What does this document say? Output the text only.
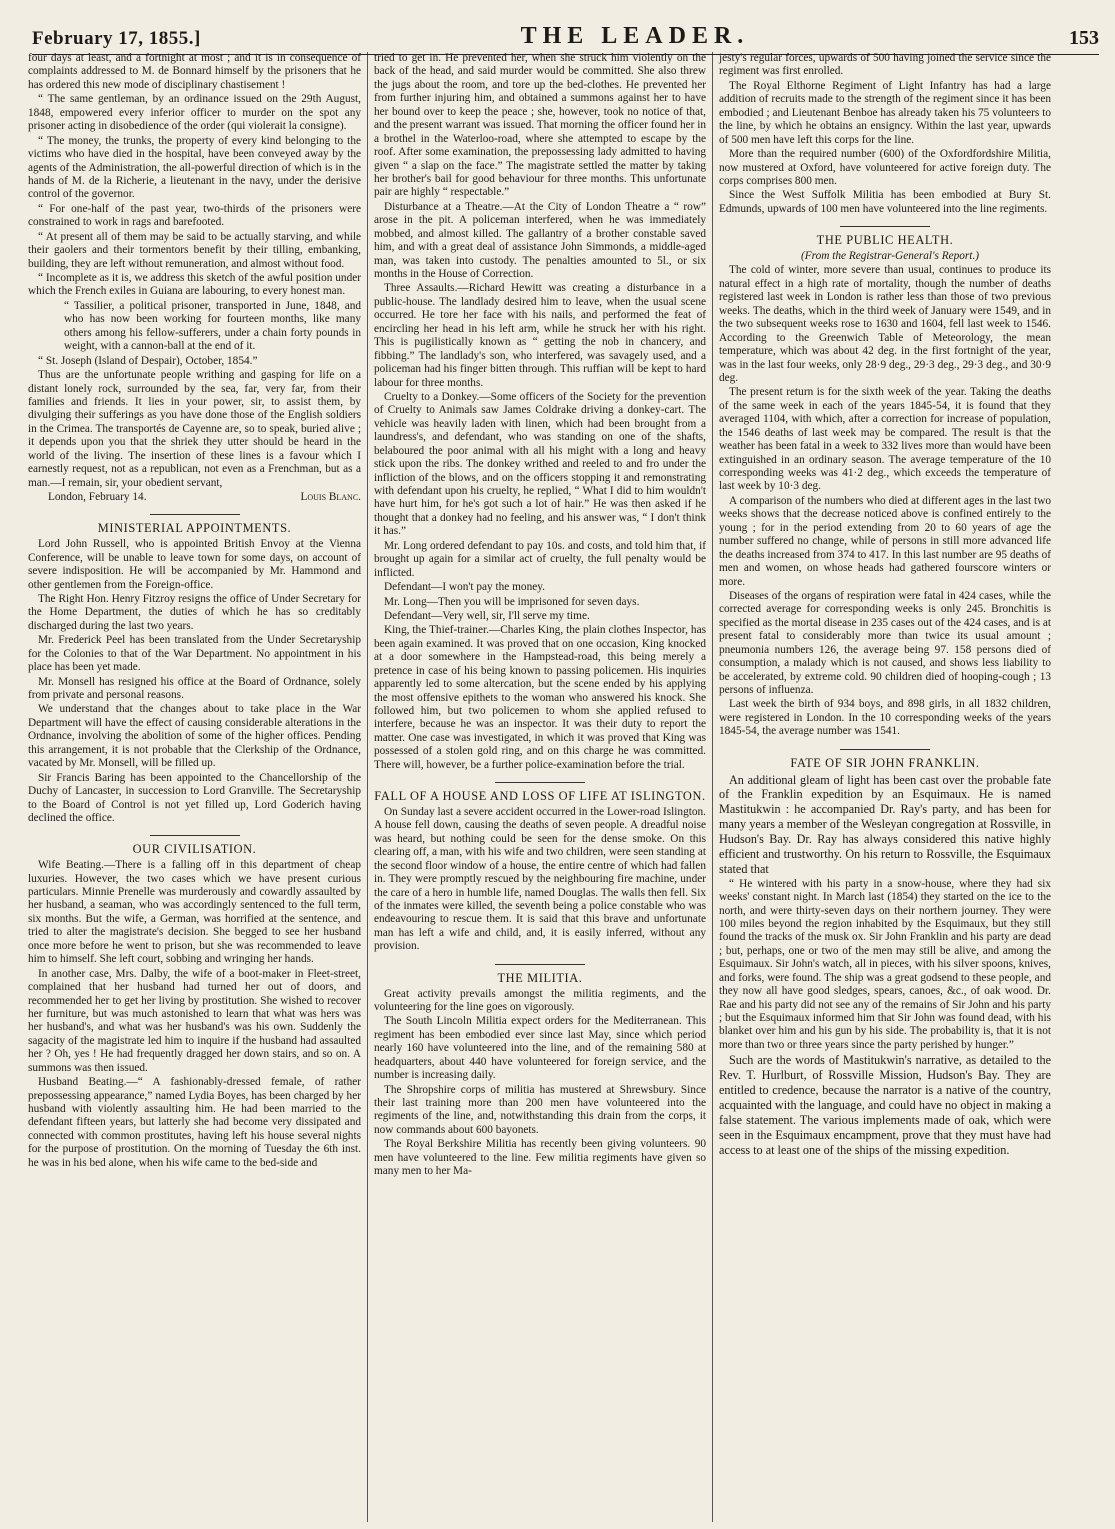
February 17, 1855.]	THE LEADER.	153

four days at least, and a fortnight at most ; and it is in consequence of complaints addressed to M. de Bonnard himself by the prisoners that he has ordered this new mode of disciplinary chastisement !

“ The same gentleman, by an ordinance issued on the 29th August, 1848, empowered every inferior officer to murder on the spot any prisoner acting in disobedience of the order (qui violerait la consigne).

“ The money, the trunks, the property of every kind belonging to the victims who have died in the hospital, have been conveyed away by the agents of the Administration, the all-powerful direction of which is in the hands of M. de la Richerie, a lieutenant in the navy, under the derisive control of the governor.

“ For one-half of the past year, two-thirds of the prisoners were constrained to work in rags and barefooted.

“ At present all of them may be said to be actually starving, and while their gaolers and their tormentors benefit by their tilling, embanking, building, they are left without remuneration, and almost without food.

“ Incomplete as it is, we address this sketch of the awful position under which the French exiles in Guiana are labouring, to every honest man.

“ Tassilier, a political prisoner, transported in June, 1848, and who has now been working for fourteen months, like many others among his fellow-sufferers, under a chain forty pounds in weight, with a cannon-ball at the end of it.

“ St. Joseph (Island of Despair), October, 1854.”

Thus are the unfortunate people writhing and gasping for life on a distant lonely rock, surrounded by the sea, far, very far, from their families and friends. It lies in your power, sir, to assist them, by divulging their sufferings as you have done those of the English soldiers in the Crimea. The transportés de Cayenne are, so to speak, buried alive ; it depends upon you that the shriek they utter should be heard in the world of the living. The insertion of these lines is a favour which I earnestly request, not as a republican, not even as a Frenchman, but as a man.—I remain, sir, your obedient servant,

London, February 14.	Louis Blanc.

MINISTERIAL APPOINTMENTS.

Lord John Russell, who is appointed British Envoy at the Vienna Conference, will be unable to leave town for some days, on account of severe indisposition. He will be accompanied by Mr. Hammond and other gentlemen from the Foreign-office.

The Right Hon. Henry Fitzroy resigns the office of Under Secretary for the Home Department, the duties of which he has so creditably discharged during the last two years.

Mr. Frederick Peel has been translated from the Under Secretaryship for the Colonies to that of the War Department. No appointment in his place has been yet made.

Mr. Monsell has resigned his office at the Board of Ordnance, solely from private and personal reasons.

We understand that the changes about to take place in the War Department will have the effect of causing considerable alterations in the Ordnance, involving the abolition of some of the higher offices. Pending this arrangement, it is not probable that the Clerkship of the Ordnance, vacated by Mr. Monsell, will be filled up.

Sir Francis Baring has been appointed to the Chancellorship of the Duchy of Lancaster, in succession to Lord Granville. The Secretaryship to the Board of Control is not yet filled up, Lord Goderich having declined the office.

OUR CIVILISATION.

Wife Beating.—There is a falling off in this department of cheap luxuries. However, the two cases which we have present curious particulars. Minnie Prenelle was murderously and cowardly assaulted by her husband, a seaman, who was accordingly sentenced to the full term, six months. But the wife, a German, was horrified at the sentence, and tried to alter the magistrate's decision. She begged to see her husband once more before he went to prison, but she was recommended to leave him to himself. She left court, sobbing and wringing her hands.

In another case, Mrs. Dalby, the wife of a boot-maker in Fleet-street, complained that her husband had turned her out of doors, and recommended her to get her living by prostitution. She wished to recover her furniture, but was much astonished to learn that what was hers was her husband's, and what was her husband's was his own. Suddenly the sagacity of the magistrate led him to inquire if the husband had assaulted her ? Oh, yes ! He had frequently dragged her down stairs, and so on. A summons was then issued.

Husband Beating.—“ A fashionably-dressed female, of rather prepossessing appearance,” named Lydia Boyes, has been charged by her husband with violently assaulting him. He had been married to the defendant fifteen years, but latterly she had become very dissipated and connected with common prostitutes, having left his house several nights for the purpose of prostitution. On the morning of Tuesday the 6th inst. he was in his bed alone, when his wife came to the bed-side and

tried to get in. He prevented her, when she struck him violently on the back of the head, and said murder would be committed. She also threw the jugs about the room, and tore up the bed-clothes. He prevented her from further injuring him, and obtained a summons against her to have her bound over to keep the peace ; she, however, took no notice of that, and the present warrant was issued. That morning the officer found her in a brothel in the Waterloo-road, where she attempted to escape by the roof. After some examination, the prepossessing lady admitted to having given “ a slap on the face.” The magistrate settled the matter by taking her brother's bail for good behaviour for three months. This unfortunate pair are highly “ respectable.”

Disturbance at a Theatre.—At the City of London Theatre a “ row” arose in the pit. A policeman interfered, when he was immediately mobbed, and almost killed. The gallantry of a brother constable saved him, and with a great deal of assistance John Simmonds, a middle-aged man, was taken into custody. The penalties amounted to 5l., or six months in the House of Correction.

Three Assaults.—Richard Hewitt was creating a disturbance in a public-house. The landlady desired him to leave, when the usual scene occurred. He tore her face with his nails, and performed the feat of encircling her head in his left arm, while he struck her with his right. This is pugilistically known as “ getting the nob in chancery, and fibbing.” The landlady's son, who interfered, was savagely used, and a policeman had his finger bitten through. This ruffian will be kept to hard labour for three months.

Cruelty to a Donkey.—Some officers of the Society for the prevention of Cruelty to Animals saw James Coldrake driving a donkey-cart. The vehicle was heavily laden with linen, which had been brought from a laundress's, and defendant, who was standing on one of the shafts, belaboured the poor animal with all his might with a long and heavy stick upon the ribs. The donkey writhed and reeled to and fro under the infliction of the blows, and on the officers stopping it and remonstrating with defendant upon his cruelty, he replied, “ What I did to him wouldn't have hurt him, for he's got such a lot of hair.” He was then asked if he thought that a donkey had no feeling, and his answer was, “ I don't think it has.”

Mr. Long ordered defendant to pay 10s. and costs, and told him that, if brought up again for a similar act of cruelty, the full penalty would be inflicted.

Defendant—I won't pay the money.

Mr. Long—Then you will be imprisoned for seven days.

Defendant—Very well, sir, I'll serve my time.

King, the Thief-trainer.—Charles King, the plain clothes Inspector, has been again examined. It was proved that on one occasion, King knocked at a door somewhere in the Hampstead-road, this being merely a pretence in case of his being known to passing policemen. His inquiries apparently led to some altercation, but the scene ended by his applying the most offensive epithets to the woman who answered his knock. She followed him, but two policemen to whom she applied refused to interfere, because he was an inspector. It was their duty to report the matter. One case was investigated, in which it was proved that King was possessed of a stolen gold ring, and on this charge he was committed. There will, however, be a further police-examination before the trial.

FALL OF A HOUSE AND LOSS OF LIFE AT ISLINGTON.

On Sunday last a severe accident occurred in the Lower-road Islington. A house fell down, causing the deaths of seven people. A dreadful noise was heard, but nothing could be seen for the dense smoke. On this clearing off, a man, with his wife and two children, were seen standing at the second floor window of a house, the entire centre of which had fallen in. They were promptly rescued by the neighbouring fire machine, under the care of a hero in humble life, named Douglas. The walls then fell. Six of the inmates were killed, the seventh being a police constable who was endeavouring to rescue them. It is said that this brave and unfortunate man has left a wife and child, and, it is easily inferred, without any provision.

THE MILITIA.

Great activity prevails amongst the militia regiments, and the volunteering for the line goes on vigorously.

The South Lincoln Militia expect orders for the Mediterranean. This regiment has been embodied ever since last May, since which period nearly 160 have volunteered into the line, and of the remaining 580 at headquarters, about 440 have volunteered for foreign service, and the number is increasing daily.

The Shropshire corps of militia has mustered at Shrewsbury. Since their last training more than 200 men have volunteered into the regiments of the line, and, notwithstanding this drain from the corps, it now commands about 600 bayonets.

The Royal Berkshire Militia has recently been giving volunteers. 90 men have volunteered to the line. Few militia regiments have given so many men to her Ma-

jesty's regular forces, upwards of 500 having joined the service since the regiment was first enrolled.

The Royal Elthorne Regiment of Light Infantry has had a large addition of recruits made to the strength of the regiment since it has been embodied ; and Lieutenant Benboe has already taken his 75 volunteers to the line, by which he obtains an ensigncy. Within the last year, upwards of 500 men have left this corps for the line.

More than the required number (600) of the Oxfordfordshire Militia, now mustered at Oxford, have volunteered for active foreign duty. The corps comprises 800 men.

Since the West Suffolk Militia has been embodied at Bury St. Edmunds, upwards of 100 men have volunteered into the line regiments.

THE PUBLIC HEALTH.

(From the Registrar-General's Report.)

The cold of winter, more severe than usual, continues to produce its natural effect in a high rate of mortality, though the number of deaths registered last week in London is rather less than those of two previous weeks. The deaths, which in the third week of January were 1549, and in the two subsequent weeks rose to 1630 and 1604, fell last week to 1546. According to the Greenwich Table of Meteorology, the mean temperature, which was about 42 deg. in the first fortnight of the year, was in the last four weeks, only 28·9 deg., 29·3 deg., 29·3 deg., and 30·9 deg.

The present return is for the sixth week of the year. Taking the deaths of the same week in each of the years 1845-54, it is found that they averaged 1104, with which, after a correction for increase of population, the 1546 deaths of last week may be compared. The result is that the weather has been fatal in a week to 332 lives more than would have been extinguished in an ordinary season. The average temperature of the 10 corresponding weeks was 41·2 deg., which exceeds the temperature of last week by 10·3 deg.

A comparison of the numbers who died at different ages in the last two weeks shows that the decrease noticed above is confined entirely to the young ; for in the period extending from 20 to 60 years of age the number suffered no change, while of persons in still more advanced life the deaths increased from 374 to 417. In this last number are 95 deaths of men and women, on whose heads had gathered fourscore winters or more.

Diseases of the organs of respiration were fatal in 424 cases, while the corrected average for corresponding weeks is only 245. Bronchitis is specified as the mortal disease in 235 cases out of the 424 cases, and is at present fatal to considerably more than twice its usual amount ; pneumonia numbers 126, the average being 97. 158 persons died of consumption, a malady which is not caused, and shows less liability to be accelerated, by extreme cold. 90 children died of hooping-cough ; 13 persons of influenza.

Last week the birth of 934 boys, and 898 girls, in all 1832 children, were registered in London. In the 10 corresponding weeks of the years 1845-54, the average number was 1541.

FATE OF SIR JOHN FRANKLIN.

An additional gleam of light has been cast over the probable fate of the Franklin expedition by an Esquimaux. He is named Mastitukwin : he accompanied Dr. Ray's party, and has been for many years a member of the Wesleyan congregation at Rossville, in Hudson's Bay. Dr. Ray has always considered this native highly efficient and trustworthy. On his return to Rossville, the Esquimaux stated that

“ He wintered with his party in a snow-house, where they had six weeks' constant night. In March last (1854) they started on the ice to the north, and were thirty-seven days on their northern journey. They were 100 miles beyond the region inhabited by the Esquimaux, but they still found the tracks of the musk ox. Sir John Franklin and his party are dead ; but, perhaps, one or two of the men may still be alive, and among the Esquimaux. Sir John's watch, all in pieces, with his silver spoons, knives, and forks, were found. The ship was a great godsend to these people, and they now all have good sledges, spears, canoes, &c., of oak wood. Dr. Rae and his party did not see any of the remains of Sir John and his party ; but the Esquimaux informed him that Sir John was found dead, with his blanket over him and his gun by his side. The probability is, that it is not more than two or three years since the party perished by hunger.”

Such are the words of Mastitukwin's narrative, as detailed to the Rev. T. Hurlburt, of Rossville Mission, Hudson's Bay. They are entitled to credence, because the narrator is a native of the country, acquainted with the language, and could have no object in making a false statement. The various implements made of oak, which were seen in the Esquimaux encampment, prove that they must have had access to at least one of the ships of the missing expedition.
